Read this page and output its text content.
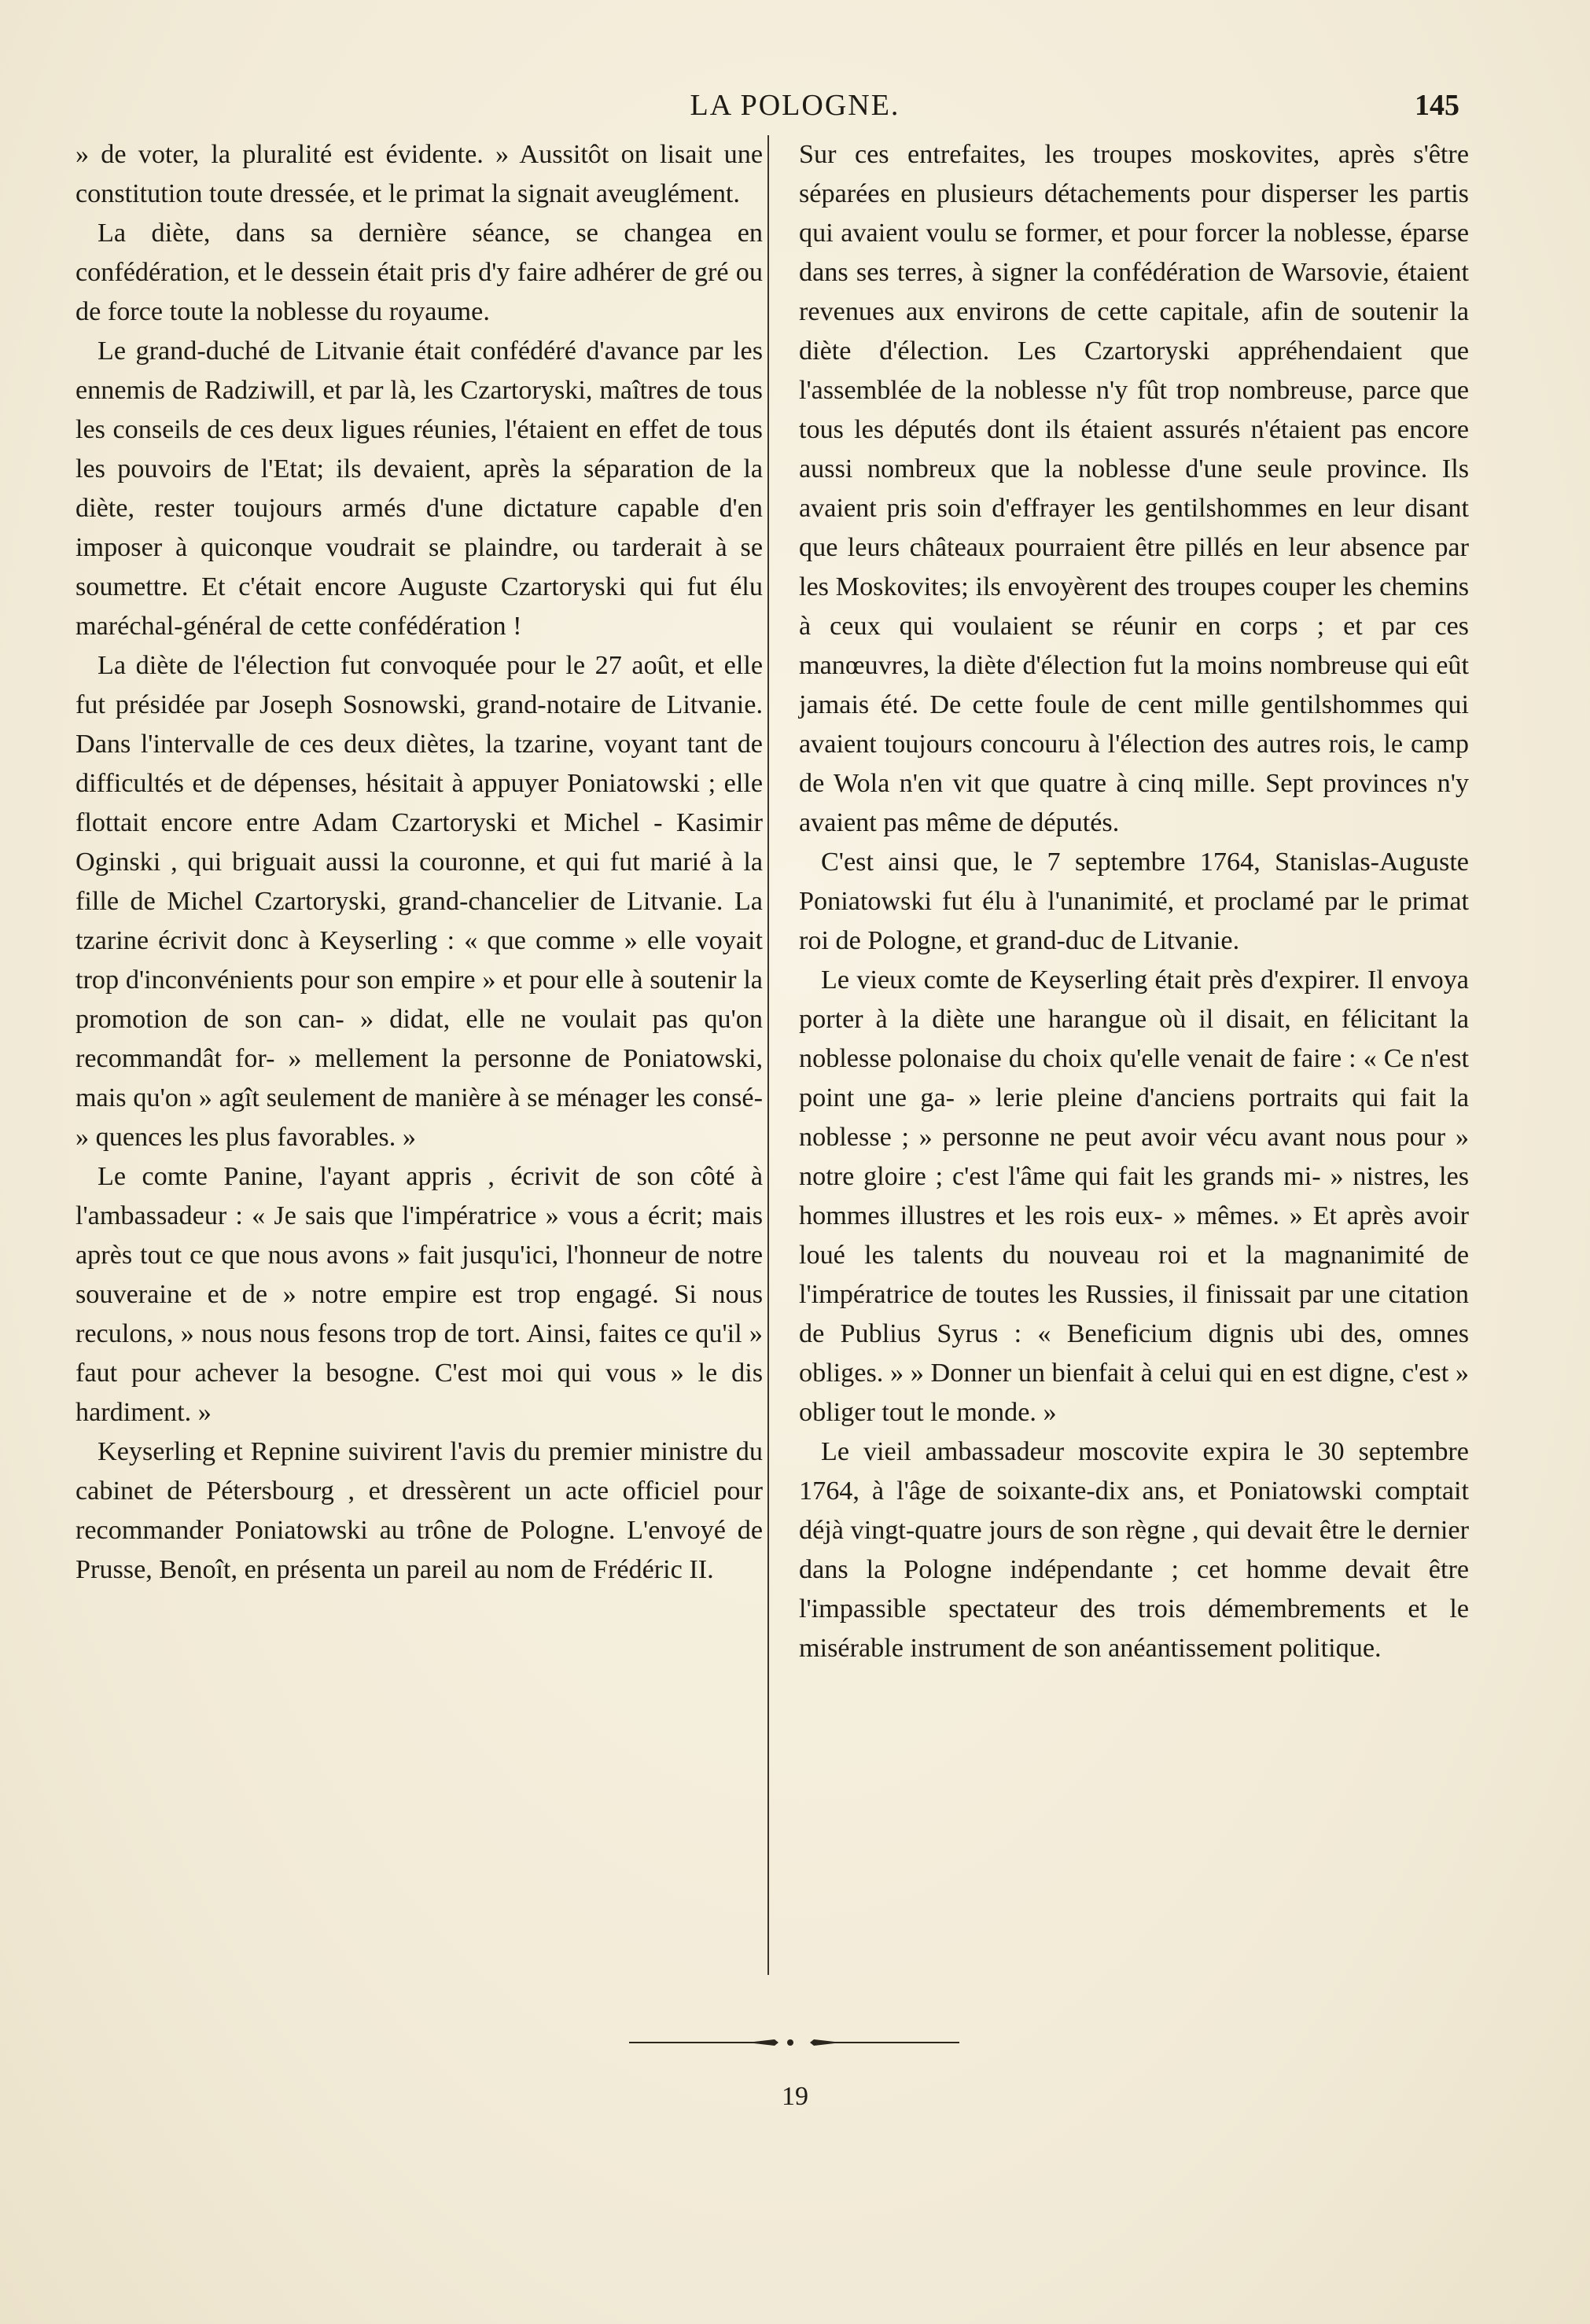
LA POLOGNE.	145

» de voter, la pluralité est évidente. » Aussitôt on lisait une constitution toute dressée, et le primat la signait aveuglément.

La diète, dans sa dernière séance, se changea en confédération, et le dessein était pris d'y faire adhérer de gré ou de force toute la noblesse du royaume.

Le grand-duché de Litvanie était confédéré d'avance par les ennemis de Radziwill, et par là, les Czartoryski, maîtres de tous les conseils de ces deux ligues réunies, l'étaient en effet de tous les pouvoirs de l'Etat; ils devaient, après la séparation de la diète, rester toujours armés d'une dictature capable d'en imposer à quiconque voudrait se plaindre, ou tarderait à se soumettre. Et c'était encore Auguste Czartoryski qui fut élu maréchal-général de cette confédération !

La diète de l'élection fut convoquée pour le 27 août, et elle fut présidée par Joseph Sosnowski, grand-notaire de Litvanie. Dans l'intervalle de ces deux diètes, la tzarine, voyant tant de difficultés et de dépenses, hésitait à appuyer Poniatowski ; elle flottait encore entre Adam Czartoryski et Michel - Kasimir Oginski , qui briguait aussi la couronne, et qui fut marié à la fille de Michel Czartoryski, grand-chancelier de Litvanie. La tzarine écrivit donc à Keyserling : « que comme » elle voyait trop d'inconvénients pour son empire » et pour elle à soutenir la promotion de son can- » didat, elle ne voulait pas qu'on recommandât for- » mellement la personne de Poniatowski, mais qu'on » agît seulement de manière à se ménager les consé- » quences les plus favorables. »

Le comte Panine, l'ayant appris , écrivit de son côté à l'ambassadeur : « Je sais que l'impératrice » vous a écrit; mais après tout ce que nous avons » fait jusqu'ici, l'honneur de notre souveraine et de » notre empire est trop engagé. Si nous reculons, » nous nous fesons trop de tort. Ainsi, faites ce qu'il » faut pour achever la besogne. C'est moi qui vous » le dis hardiment. »

Keyserling et Repnine suivirent l'avis du premier ministre du cabinet de Pétersbourg , et dressèrent un acte officiel pour recommander Poniatowski au trône de Pologne. L'envoyé de Prusse, Benoît, en présenta un pareil au nom de Frédéric II.

Sur ces entrefaites, les troupes moskovites, après s'être séparées en plusieurs détachements pour disperser les partis qui avaient voulu se former, et pour forcer la noblesse, éparse dans ses terres, à signer la confédération de Warsovie, étaient revenues aux environs de cette capitale, afin de soutenir la diète d'élection. Les Czartoryski appréhendaient que l'assemblée de la noblesse n'y fût trop nombreuse, parce que tous les députés dont ils étaient assurés n'étaient pas encore aussi nombreux que la noblesse d'une seule province. Ils avaient pris soin d'effrayer les gentilshommes en leur disant que leurs châteaux pourraient être pillés en leur absence par les Moskovites; ils envoyèrent des troupes couper les chemins à ceux qui voulaient se réunir en corps ; et par ces manœuvres, la diète d'élection fut la moins nombreuse qui eût jamais été. De cette foule de cent mille gentilshommes qui avaient toujours concouru à l'élection des autres rois, le camp de Wola n'en vit que quatre à cinq mille. Sept provinces n'y avaient pas même de députés.

C'est ainsi que, le 7 septembre 1764, Stanislas-Auguste Poniatowski fut élu à l'unanimité, et proclamé par le primat roi de Pologne, et grand-duc de Litvanie.

Le vieux comte de Keyserling était près d'expirer. Il envoya porter à la diète une harangue où il disait, en félicitant la noblesse polonaise du choix qu'elle venait de faire : « Ce n'est point une ga- » lerie pleine d'anciens portraits qui fait la noblesse ; » personne ne peut avoir vécu avant nous pour » notre gloire ; c'est l'âme qui fait les grands mi- » nistres, les hommes illustres et les rois eux- » mêmes. » Et après avoir loué les talents du nouveau roi et la magnanimité de l'impératrice de toutes les Russies, il finissait par une citation de Publius Syrus : « Beneficium dignis ubi des, omnes obliges. » » Donner un bienfait à celui qui en est digne, c'est » obliger tout le monde. »

Le vieil ambassadeur moscovite expira le 30 septembre 1764, à l'âge de soixante-dix ans, et Poniatowski comptait déjà vingt-quatre jours de son règne , qui devait être le dernier dans la Pologne indépendante ; cet homme devait être l'impassible spectateur des trois démembrements et le misérable instrument de son anéantissement politique.

19
